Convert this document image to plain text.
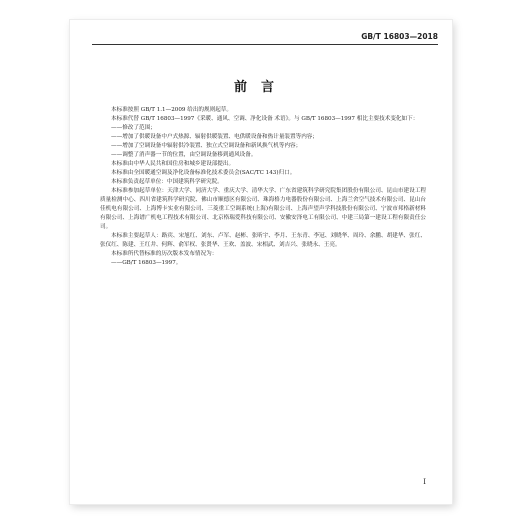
GB/T 16803—2018
前言

本标准按照 GB/T 1.1—2009 给出的规则起草。

本标准代替 GB/T 16803—1997《采暖、通风、空调、净化设备 术语》。与 GB/T 16803—1997 相比主要技术变化如下：

——修改了范围；

——增加了供暖设备中户式热源、辐射供暖装置、电供暖设备和热计量装置等内容；

——增加了空调设备中辐射供冷装置、独立式空调设备和新风换气机等内容；

——调整了消声器一节的位置，由空调设备移到通风设备。

本标准由中华人民共和国住房和城乡建设部提出。

本标准由全国暖通空调及净化设备标准化技术委员会(SAC/TC 143)归口。

本标准负责起草单位：中国建筑科学研究院。

本标准参加起草单位：天津大学、同济大学、重庆大学、清华大学、广东省建筑科学研究院集团股份有限公司、昆山市建设工程质量检测中心、四川省建筑科学研究院、佛山市顺德区有限公司、珠海格力电器股份有限公司、上海兰舍空气技术有限公司、昆山台佳机电有限公司、上海博卡实业有限公司、三菱重工空调系统(上海)有限公司、上海声望声学科技股份有限公司、宁波市邦格新材料有限公司、上海谱广机电工程技术有限公司、北京格瑞爱科技有限公司、安徽安泽电工有限公司、中建三局第一建设工程有限责任公司。

本标准主要起草人：路宾、宋旭红、刘东、卢军、赵彬、张昕宇、李月、王东青、李冠、刘晓华、周玲、余鹏、胡建华、张红、张仪红、陈建、王红井、何辉、俞军权、张贤华、王欢、盖波、宋相武、刘吉兴、张晓永、王亮。

本标准所代替标准的历次版本发布情况为：

——GB/T 16803—1997。

I
